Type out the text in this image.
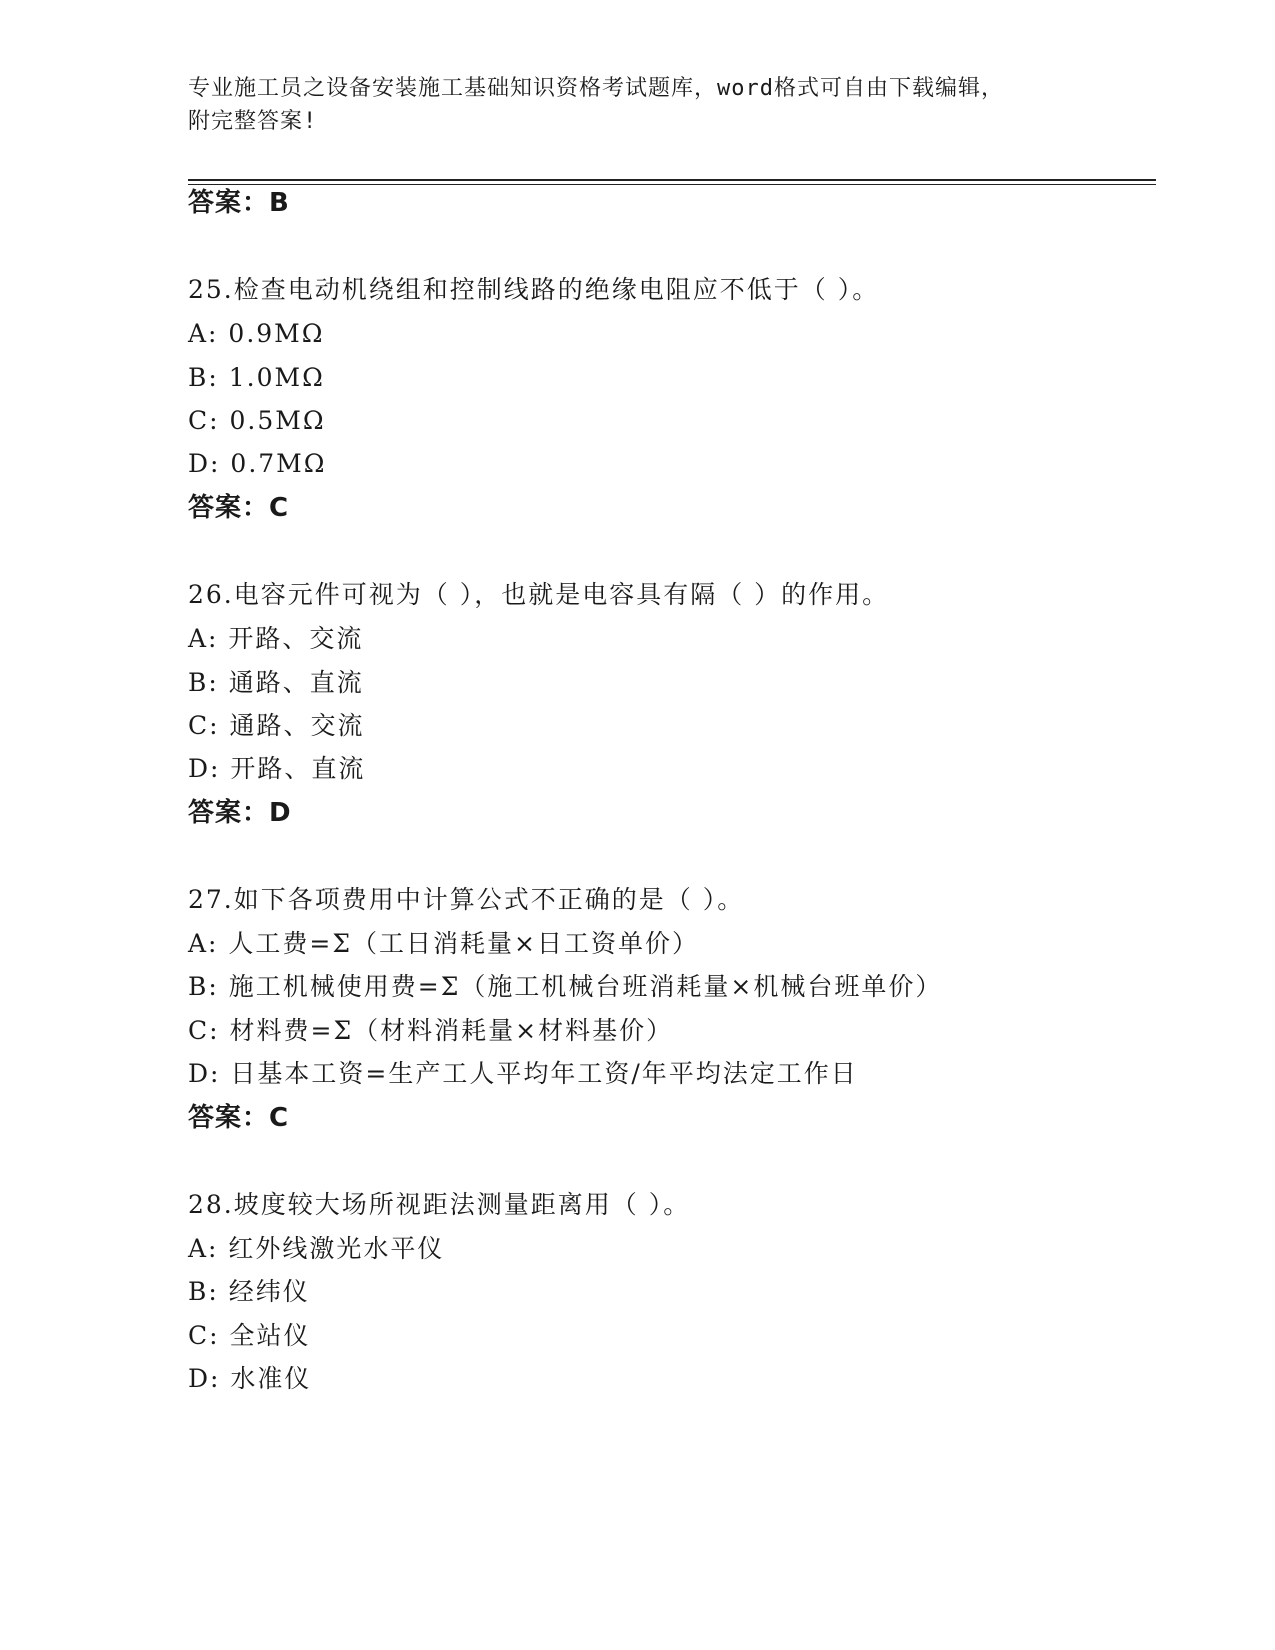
专业施工员之设备安装施工基础知识资格考试题库，word格式可自由下载编辑，
附完整答案!
答案：B
25.检查电动机绕组和控制线路的绝缘电阻应不低于（ ）。
A: 0.9MΩ
B: 1.0MΩ
C: 0.5MΩ
D: 0.7MΩ
答案：C
26.电容元件可视为（ ），也就是电容具有隔（ ）的作用。
A: 开路、交流
B: 通路、直流
C: 通路、交流
D: 开路、直流
答案：D
27.如下各项费用中计算公式不正确的是（ ）。
A: 人工费=Σ（工日消耗量×日工资单价）
B: 施工机械使用费=Σ（施工机械台班消耗量×机械台班单价）
C: 材料费=Σ（材料消耗量×材料基价）
D: 日基本工资=生产工人平均年工资/年平均法定工作日
答案：C
28.坡度较大场所视距法测量距离用（ ）。
A: 红外线激光水平仪
B: 经纬仪
C: 全站仪
D: 水准仪
